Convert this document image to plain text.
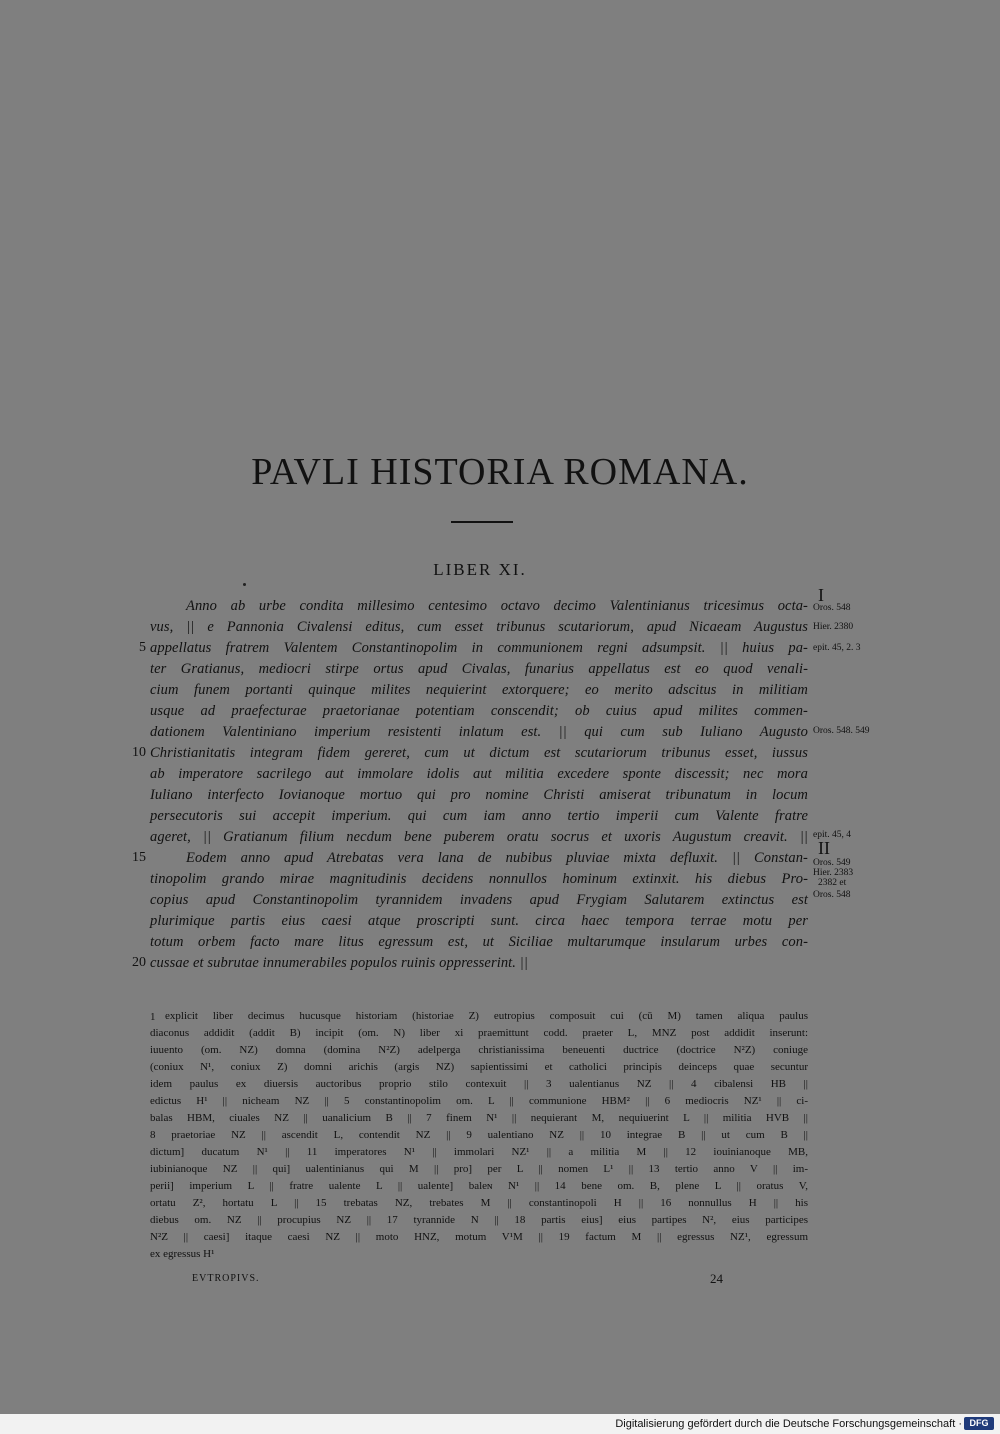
PAVLI HISTORIA ROMANA.
LIBER XI.
Anno ab urbe condita millesimo centesimo octavo decimo Valentinianus tricesimus octa-
vus, || e Pannonia Civalensi editus, cum esset tribunus scutariorum, apud Nicaeam Augustus
appellatus fratrem Valentem Constantinopolim in communionem regni adsumpsit. || huius pa-
ter Gratianus, mediocri stirpe ortus apud Civalas, funarius appellatus est eo quod venali-
cium funem portanti quinque milites nequierint extorquere; eo merito adscitus in militiam
usque ad praefecturae praetorianae potentiam conscendit; ob cuius apud milites commen-
dationem Valentiniano imperium resistenti inlatum est. || qui cum sub Iuliano Augusto
Christianitatis integram fidem gereret, cum ut dictum est scutariorum tribunus esset, iussus
ab imperatore sacrilego aut immolare idolis aut militia excedere sponte discessit; nec mora
Iuliano interfecto Iovianoque mortuo qui pro nomine Christi amiserat tribunatum in locum
persecutoris sui accepit imperium. qui cum iam anno tertio imperii cum Valente fratre
ageret, || Gratianum filium necdum bene puberem oratu socrus et uxoris Augustum creavit. ||
Eodem anno apud Atrebatas vera lana de nubibus pluviae mixta defluxit. || Constan-
tinopolim grando mirae magnitudinis decidens nonnullos hominum extinxit. his diebus Pro-
copius apud Constantinopolim tyrannidem invadens apud Frygiam Salutarem extinctus est
plurimique partis eius caesi atque proscripti sunt. circa haec tempora terrae motu per
totum orbem facto mare litus egressum est, ut Siciliae multarumque insularum urbes con-
cussae et subrutae innumerabiles populos ruinis oppresserint. ||
5
10
15
20
I
II
Oros. 548
Hier. 2380
epit. 45, 2. 3
Oros. 548. 549
epit. 45, 4
Oros. 549
Hier. 2383
2382 et
Oros. 548
1 explicit liber decimus hucusque historiam (historiae Z) eutropius composuit cui (cū M) tamen aliqua paulus
diaconus addidit (addit B) incipit (om. N) liber xi praemittunt codd. praeter L, MNZ post addidit inserunt:
iuuento (om. NZ) domna (domina N²Z) adelperga christianissima beneuenti ductrice (doctrice N²Z) coniuge
(coniux N¹, coniux Z) domni arichis (argis NZ) sapientissimi et catholici principis deinceps quae secuntur
idem paulus ex diuersis auctoribus proprio stilo contexuit || 3 ualentianus NZ || 4 cibalensi HB ||
edictus H¹ || nicheam NZ || 5 constantinopolim om. L || communione HBM² || 6 mediocris NZ¹ || ci-
balas HBM, ciuales NZ || uanalicium B || 7 finem N¹ || nequierant M, nequiuerint L || militia HVB ||
8 praetoriae NZ || ascendit L, contendit NZ || 9 ualentiano NZ || 10 integrae B || ut cum B ||
dictum] ducatum N¹ || 11 imperatores N¹ || immolari NZ¹ || a militia M || 12 iouinianoque MB,
iubinianoque NZ || qui] ualentinianus qui M || pro] per L || nomen L¹ || 13 tertio anno V || im-
perii] imperium L || fratre ualente L || ualente] baleɴ N¹ || 14 bene om. B, plene L || oratus V,
ortatu Z², hortatu L || 15 trebatas NZ, trebates M || constantinopoli H || 16 nonnullus H || his
diebus om. NZ || procupius NZ || 17 tyrannide N || 18 partis eius] eius partipes N², eius participes
N²Z || caesi] itaque caesi NZ || moto HNZ, motum V¹M || 19 factum M || egressus NZ¹, egressum
ex egressus H¹
EVTROPIVS.	24
Digitalisierung gefördert durch die Deutsche Forschungsgemeinschaft · DFG
